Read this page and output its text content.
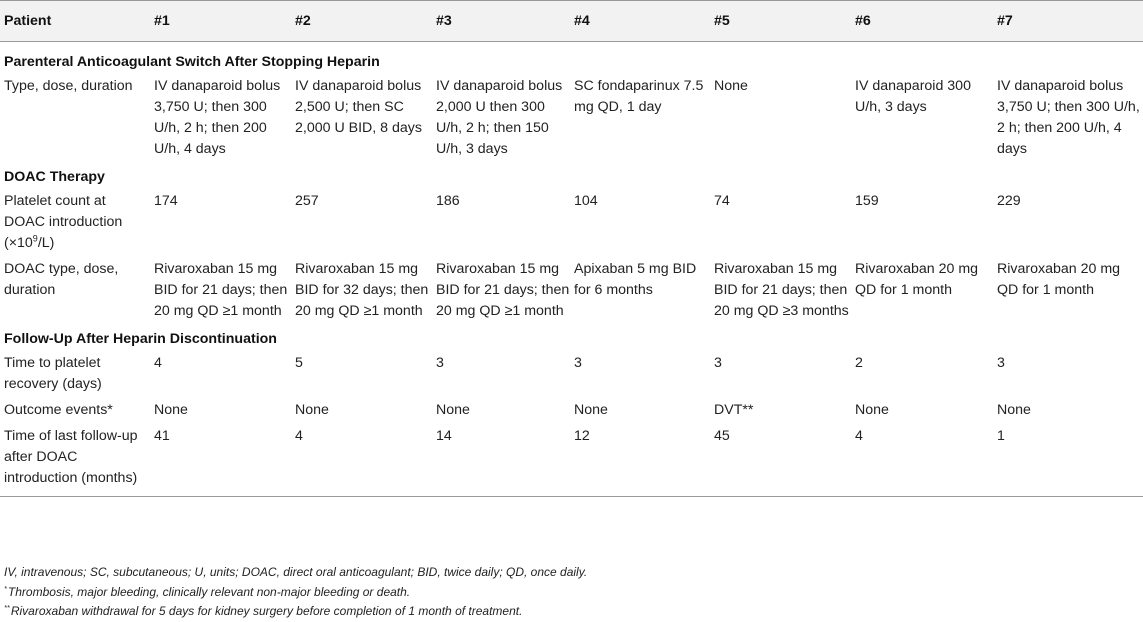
Patient	#1	#2	#3	#4	#5	#6	#7
Parenteral Anticoagulant Switch After Stopping Heparin							
Type, dose, duration	IV danaparoid bolus 3,750 U; then 300 U/h, 2 h; then 200 U/h, 4 days	IV danaparoid bolus 2,500 U; then SC 2,000 U BID, 8 days	IV danaparoid bolus 2,000 U then 300 U/h, 2 h; then 150 U/h, 3 days	SC fondaparinux 7.5 mg QD, 1 day	None	IV danaparoid 300 U/h, 3 days	IV danaparoid bolus 3,750 U; then 300 U/h, 2 h; then 200 U/h, 4 days
DOAC Therapy							
Platelet count at DOAC introduction $(\times 10^9/L)$	174	257	186	104	74	159	229
DOAC type, dose, duration	Rivaroxaban 15 mg BID for 21 days; then 20 mg QD ≥1 month	Rivaroxaban 15 mg BID for 32 days; then 20 mg QD ≥1 month	Rivaroxaban 15 mg BID for 21 days; then 20 mg QD ≥1 month	Apixaban 5 mg BID for 6 months	Rivaroxaban 15 mg BID for 21 days; then 20 mg QD ≥3 months	Rivaroxaban 20 mg QD for 1 month	Rivaroxaban 20 mg QD for 1 month
Follow-Up After Heparin Discontinuation							
Time to platelet recovery (days)	4	5	3	3	3	2	3
Outcome events*	None	None	None	None	DVT**	None	None
Time of last follow-up after DOAC introduction (months)	41	4	14	12	45	4	1
IV, intravenous; SC, subcutaneous; U, units; DOAC, direct oral anticoagulant; BID, twice daily; QD, once daily.
*Thrombosis, major bleeding, clinically relevant non-major bleeding or death.
**Rivaroxaban withdrawal for 5 days for kidney surgery before completion of 1 month of treatment.
